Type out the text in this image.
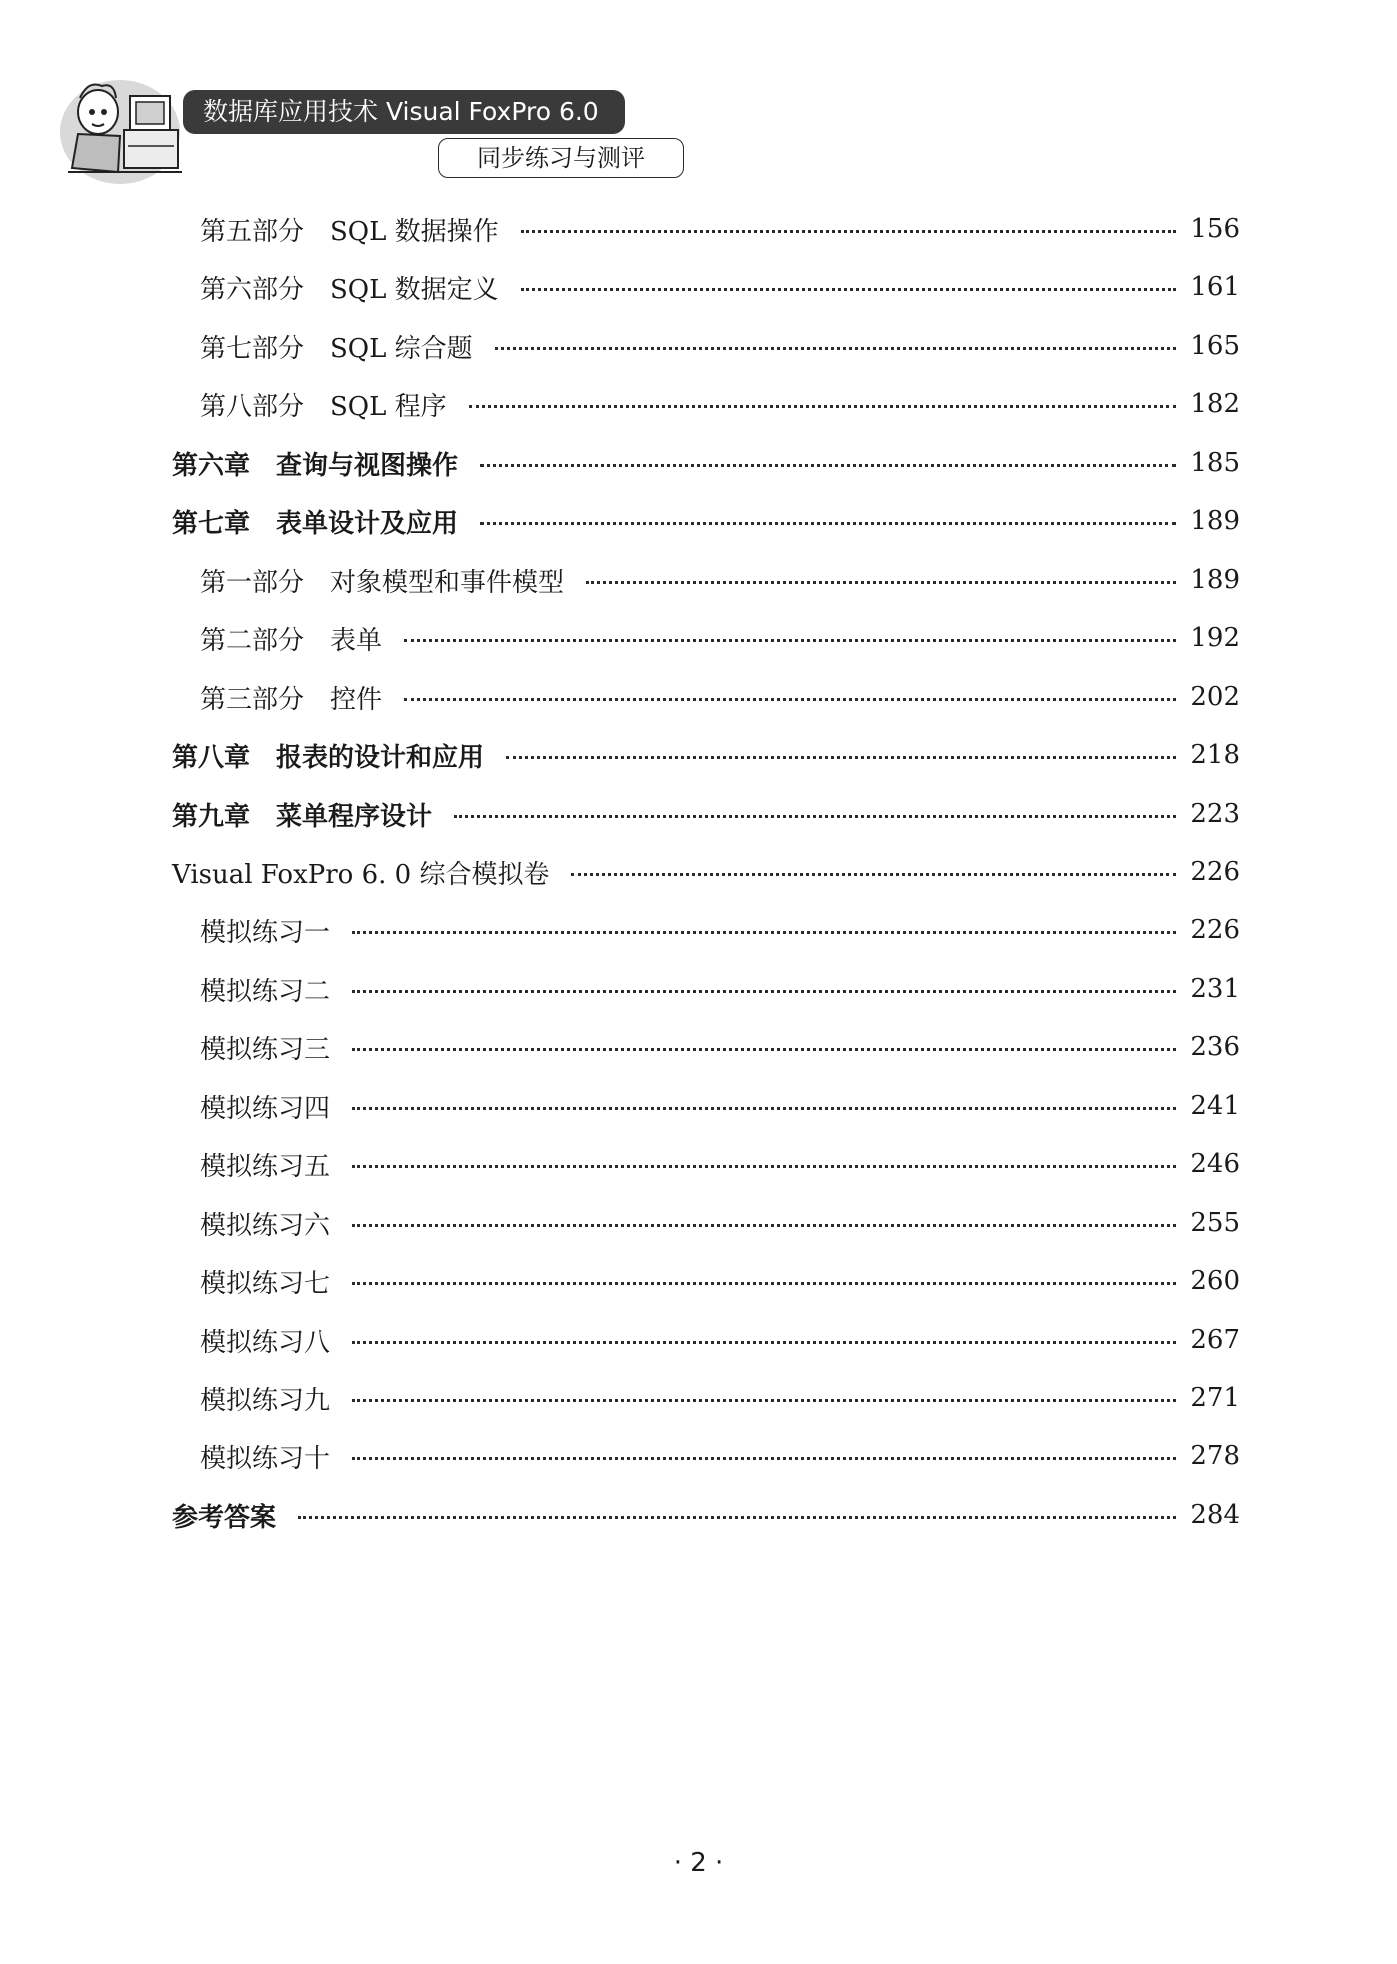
数据库应用技术 Visual FoxPro 6.0
同步练习与测评
第五部分　SQL 数据操作	156
第六部分　SQL 数据定义	161
第七部分　SQL 综合题	165
第八部分　SQL 程序	182
第六章　查询与视图操作	185
第七章　表单设计及应用	189
第一部分　对象模型和事件模型	189
第二部分　表单	192
第三部分　控件	202
第八章　报表的设计和应用	218
第九章　菜单程序设计	223
Visual FoxPro 6. 0 综合模拟卷	226
模拟练习一	226
模拟练习二	231
模拟练习三	236
模拟练习四	241
模拟练习五	246
模拟练习六	255
模拟练习七	260
模拟练习八	267
模拟练习九	271
模拟练习十	278
参考答案	284
· 2 ·
